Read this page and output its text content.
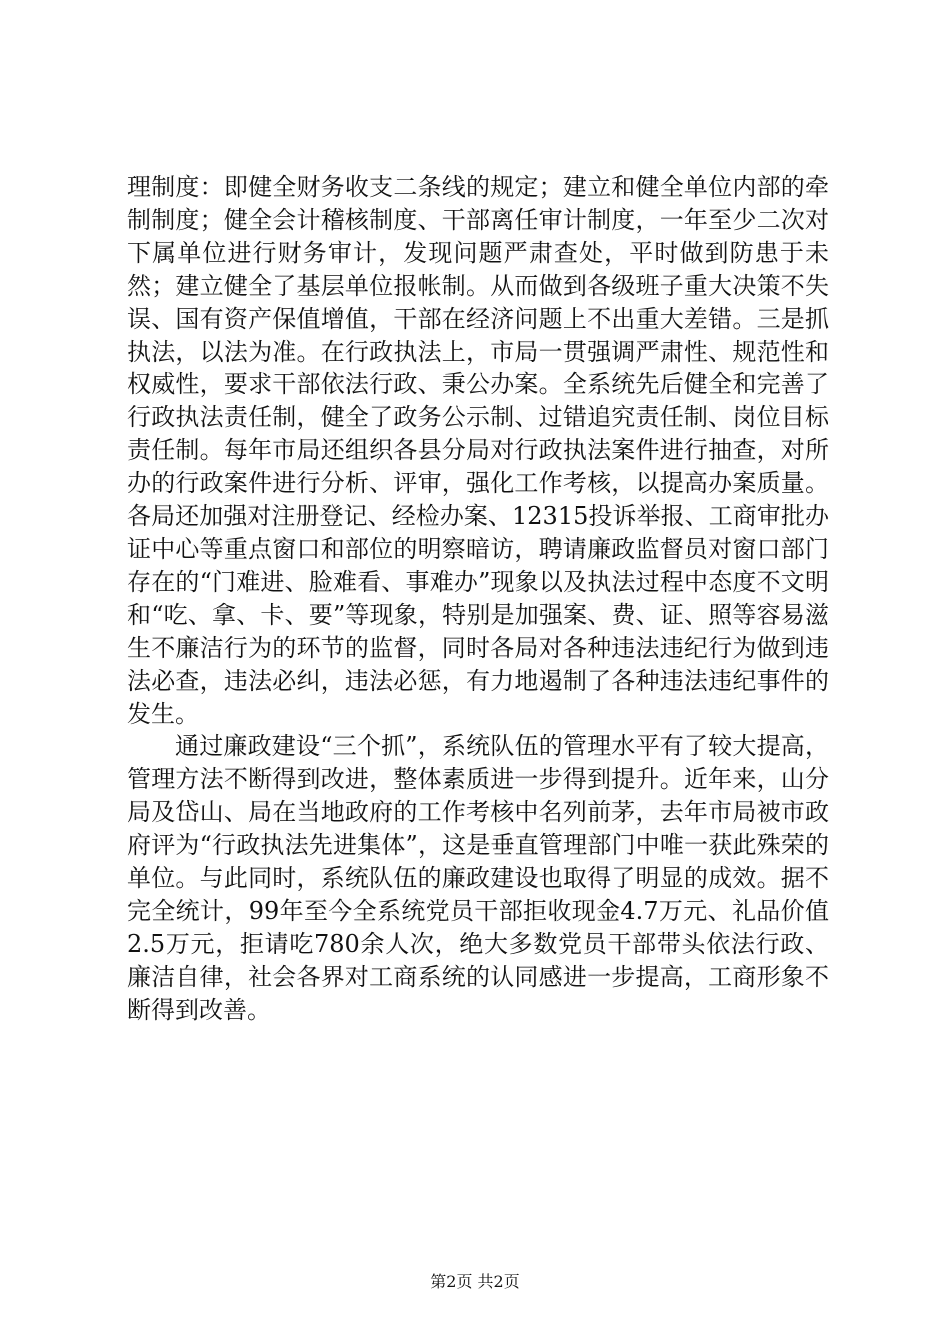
理制度：即健全财务收支二条线的规定；建立和健全单位内部的牵制制度；健全会计稽核制度、干部离任审计制度，一年至少二次对下属单位进行财务审计，发现问题严肃查处，平时做到防患于未然；建立健全了基层单位报帐制。从而做到各级班子重大决策不失误、国有资产保值增值，干部在经济问题上不出重大差错。三是抓执法，以法为准。在行政执法上，市局一贯强调严肃性、规范性和权威性，要求干部依法行政、秉公办案。全系统先后健全和完善了行政执法责任制，健全了政务公示制、过错追究责任制、岗位目标责任制。每年市局还组织各县分局对行政执法案件进行抽查，对所办的行政案件进行分析、评审，强化工作考核，以提高办案质量。各局还加强对注册登记、经检办案、12315投诉举报、工商审批办证中心等重点窗口和部位的明察暗访，聘请廉政监督员对窗口部门存在的“门难进、脸难看、事难办”现象以及执法过程中态度不文明和“吃、拿、卡、要”等现象，特别是加强案、费、证、照等容易滋生不廉洁行为的环节的监督，同时各局对各种违法违纪行为做到违法必查，违法必纠，违法必惩，有力地遏制了各种违法违纪事件的发生。

通过廉政建设“三个抓”，系统队伍的管理水平有了较大提高，管理方法不断得到改进，整体素质进一步得到提升。近年来，山分局及岱山、局在当地政府的工作考核中名列前茅，去年市局被市政府评为“行政执法先进集体”，这是垂直管理部门中唯一获此殊荣的单位。与此同时，系统队伍的廉政建设也取得了明显的成效。据不完全统计，99年至今全系统党员干部拒收现金4.7万元、礼品价值2.5万元，拒请吃780余人次，绝大多数党员干部带头依法行政、廉洁自律，社会各界对工商系统的认同感进一步提高，工商形象不断得到改善。

第2页 共2页
